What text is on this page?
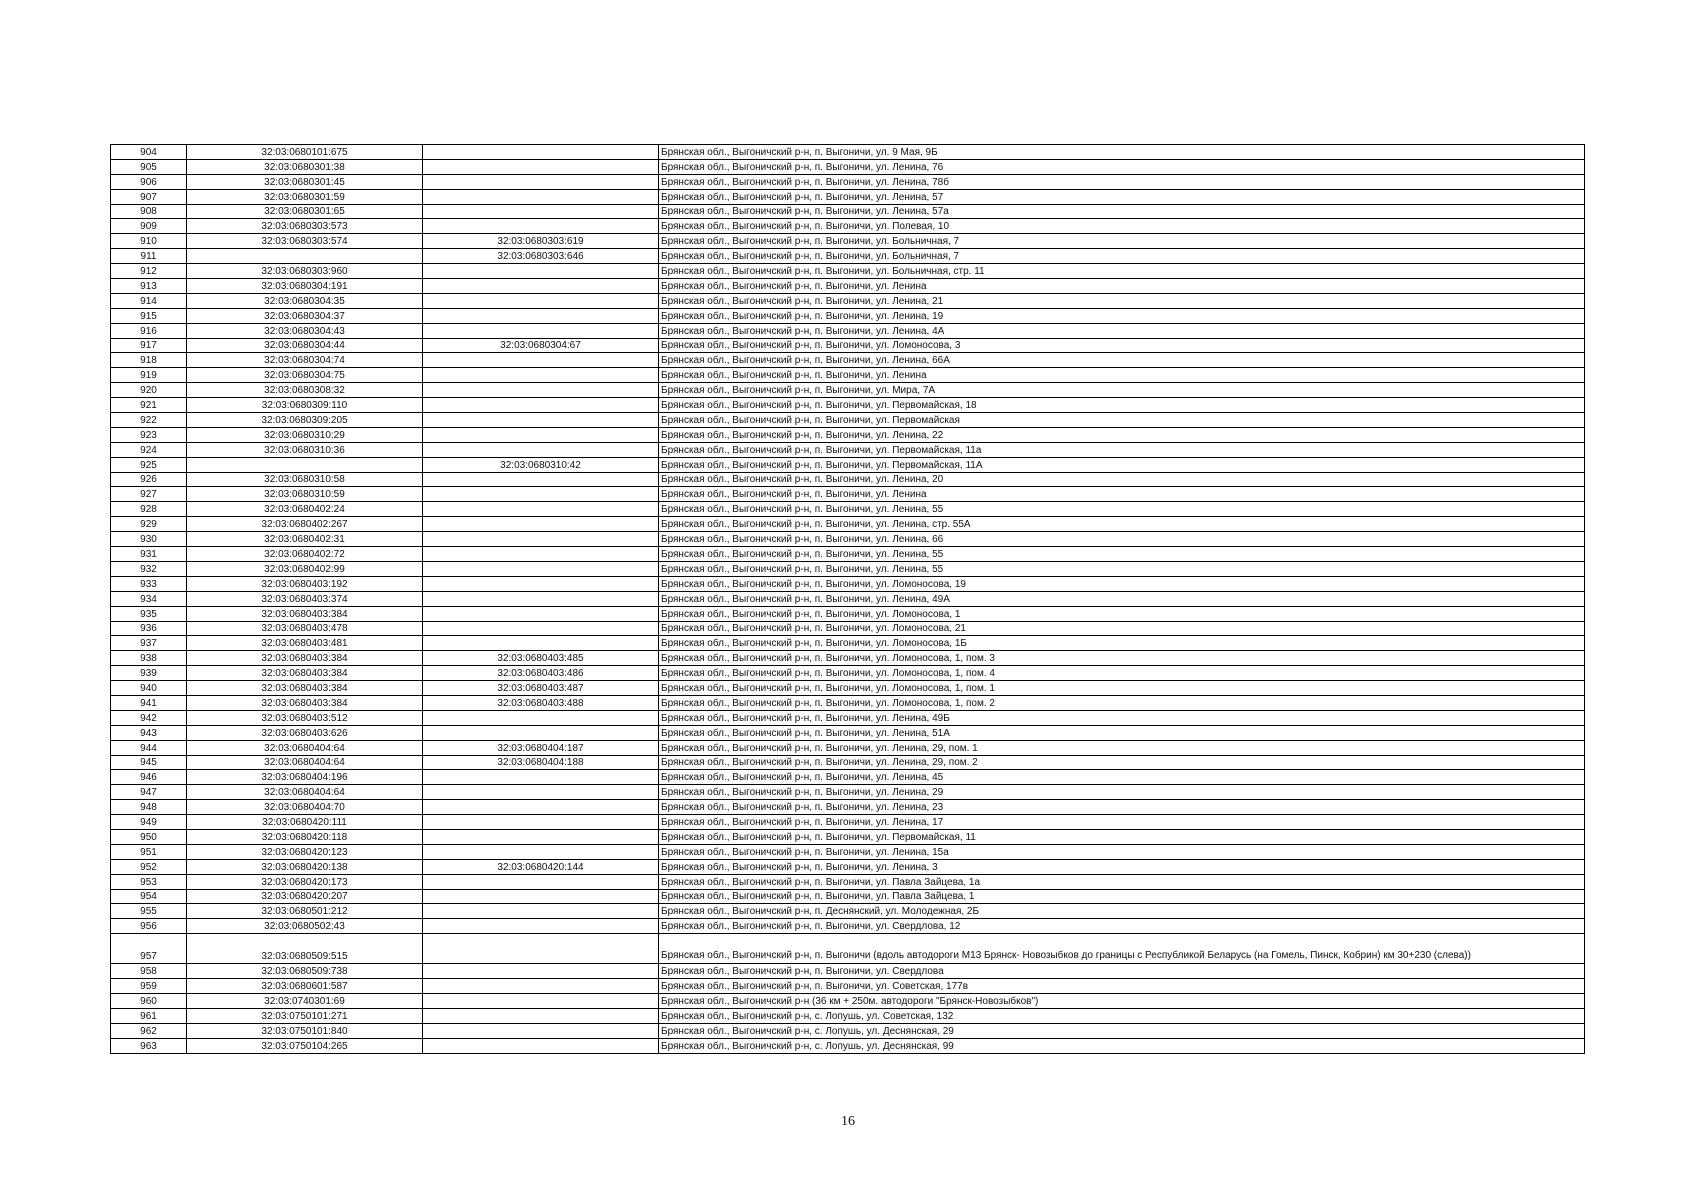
904	32:03:0680101:675		Брянская обл., Выгоничский р-н, п. Выгоничи, ул. 9 Мая, 9Б
905	32:03:0680301:38		Брянская обл., Выгоничский р-н, п. Выгоничи, ул. Ленина, 76
906	32:03:0680301:45		Брянская обл., Выгоничский р-н, п. Выгоничи, ул. Ленина, 78б
907	32:03:0680301:59		Брянская обл., Выгоничский р-н, п. Выгоничи, ул. Ленина, 57
908	32:03:0680301:65		Брянская обл., Выгоничский р-н, п. Выгоничи, ул. Ленина, 57а
909	32:03:0680303:573		Брянская обл., Выгоничский р-н, п. Выгоничи, ул. Полевая, 10
910	32:03:0680303:574	32:03:0680303:619	Брянская обл., Выгоничский р-н, п. Выгоничи, ул. Больничная, 7
911		32:03:0680303:646	Брянская обл., Выгоничский р-н, п. Выгоничи, ул. Больничная, 7
912	32:03:0680303:960		Брянская обл., Выгоничский р-н, п. Выгоничи, ул. Больничная, стр. 11
913	32:03:0680304:191		Брянская обл., Выгоничский р-н, п. Выгоничи, ул. Ленина
914	32:03:0680304:35		Брянская обл., Выгоничский р-н, п. Выгоничи, ул. Ленина, 21
915	32:03:0680304:37		Брянская обл., Выгоничский р-н, п. Выгоничи, ул. Ленина, 19
916	32:03:0680304:43		Брянская обл., Выгоничский р-н, п. Выгоничи, ул. Ленина, 4А
917	32:03:0680304:44	32:03:0680304:67	Брянская обл., Выгоничский р-н, п. Выгоничи, ул. Ломоносова, 3
918	32:03:0680304:74		Брянская обл., Выгоничский р-н, п. Выгоничи, ул. Ленина, 66А
919	32:03:0680304:75		Брянская обл., Выгоничский р-н, п. Выгоничи, ул. Ленина
920	32:03:0680308:32		Брянская обл., Выгоничский р-н, п. Выгоничи, ул. Мира, 7А
921	32:03:0680309:110		Брянская обл., Выгоничский р-н, п. Выгоничи, ул. Первомайская, 18
922	32:03:0680309:205		Брянская обл., Выгоничский р-н, п. Выгоничи, ул. Первомайская
923	32:03:0680310:29		Брянская обл., Выгоничский р-н, п. Выгоничи, ул. Ленина, 22
924	32:03:0680310:36		Брянская обл., Выгоничский р-н, п. Выгоничи, ул. Первомайская, 11а
925		32:03:0680310:42	Брянская обл., Выгоничский р-н, п. Выгоничи, ул. Первомайская, 11А
926	32:03:0680310:58		Брянская обл., Выгоничский р-н, п. Выгоничи, ул. Ленина, 20
927	32:03:0680310:59		Брянская обл., Выгоничский р-н, п. Выгоничи, ул. Ленина
928	32:03:0680402:24		Брянская обл., Выгоничский р-н, п. Выгоничи, ул. Ленина, 55
929	32:03:0680402:267		Брянская обл., Выгоничский р-н, п. Выгоничи, ул. Ленина, стр. 55А
930	32:03:0680402:31		Брянская обл., Выгоничский р-н, п. Выгоничи, ул. Ленина, 66
931	32:03:0680402:72		Брянская обл., Выгоничский р-н, п. Выгоничи, ул. Ленина, 55
932	32:03:0680402:99		Брянская обл., Выгоничский р-н, п. Выгоничи, ул. Ленина, 55
933	32:03:0680403:192		Брянская обл., Выгоничский р-н, п. Выгоничи, ул. Ломоносова, 19
934	32:03:0680403:374		Брянская обл., Выгоничский р-н, п. Выгоничи, ул. Ленина, 49А
935	32:03:0680403:384		Брянская обл., Выгоничский р-н, п. Выгоничи, ул. Ломоносова, 1
936	32:03:0680403:478		Брянская обл., Выгоничский р-н, п. Выгоничи, ул. Ломоносова, 21
937	32:03:0680403:481		Брянская обл., Выгоничский р-н, п. Выгоничи, ул. Ломоносова, 1Б
938	32:03:0680403:384	32:03:0680403:485	Брянская обл., Выгоничский р-н, п. Выгоничи, ул. Ломоносова, 1, пом. 3
939	32:03:0680403:384	32:03:0680403:486	Брянская обл., Выгоничский р-н, п. Выгоничи, ул. Ломоносова, 1, пом. 4
940	32:03:0680403:384	32:03:0680403:487	Брянская обл., Выгоничский р-н, п. Выгоничи, ул. Ломоносова, 1, пом. 1
941	32:03:0680403:384	32:03:0680403:488	Брянская обл., Выгоничский р-н, п. Выгоничи, ул. Ломоносова, 1, пом. 2
942	32:03:0680403:512		Брянская обл., Выгоничский р-н, п. Выгоничи, ул. Ленина, 49Б
943	32:03:0680403:626		Брянская обл., Выгоничский р-н, п. Выгоничи, ул. Ленина, 51А
944	32:03:0680404:64	32:03:0680404:187	Брянская обл., Выгоничский р-н, п. Выгоничи, ул. Ленина, 29, пом. 1
945	32:03:0680404:64	32:03:0680404:188	Брянская обл., Выгоничский р-н, п. Выгоничи, ул. Ленина, 29, пом. 2
946	32:03:0680404:196		Брянская обл., Выгоничский р-н, п. Выгоничи, ул. Ленина, 45
947	32:03:0680404:64		Брянская обл., Выгоничский р-н, п. Выгоничи, ул. Ленина, 29
948	32:03:0680404:70		Брянская обл., Выгоничский р-н, п. Выгоничи, ул. Ленина, 23
949	32:03:0680420:111		Брянская обл., Выгоничский р-н, п. Выгоничи, ул. Ленина, 17
950	32:03:0680420:118		Брянская обл., Выгоничский р-н, п. Выгоничи, ул. Первомайская, 11
951	32:03:0680420:123		Брянская обл., Выгоничский р-н, п. Выгоничи, ул. Ленина, 15а
952	32:03:0680420:138	32:03:0680420:144	Брянская обл., Выгоничский р-н, п. Выгоничи, ул. Ленина, 3
953	32:03:0680420:173		Брянская обл., Выгоничский р-н, п. Выгоничи, ул. Павла Зайцева, 1а
954	32:03:0680420:207		Брянская обл., Выгоничский р-н, п. Выгоничи, ул. Павла Зайцева, 1
955	32:03:0680501:212		Брянская обл., Выгоничский р-н, п. Деснянский, ул. Молодежная, 2Б
956	32:03:0680502:43		Брянская обл., Выгоничский р-н, п. Выгоничи, ул. Свердлова, 12
957	32:03:0680509:515		Брянская обл., Выгоничский р-н, п. Выгоничи (вдоль автодороги М13 Брянск- Новозыбков до границы с Республикой Беларусь (на Гомель, Пинск, Кобрин) км 30+230 (слева))
958	32:03:0680509:738		Брянская обл., Выгоничский р-н, п. Выгоничи, ул. Свердлова
959	32:03:0680601:587		Брянская обл., Выгоничский р-н, п. Выгоничи, ул. Советская, 177в
960	32:03:0740301:69		Брянская обл., Выгоничский р-н (36 км + 250м. автодороги "Брянск-Новозыбков")
961	32:03:0750101:271		Брянская обл., Выгоничский р-н, с. Лопушь, ул. Советская, 132
962	32:03:0750101:840		Брянская обл., Выгоничский р-н, с. Лопушь, ул. Деснянская, 29
963	32:03:0750104:265		Брянская обл., Выгоничский р-н, с. Лопушь, ул. Деснянская, 99
16
